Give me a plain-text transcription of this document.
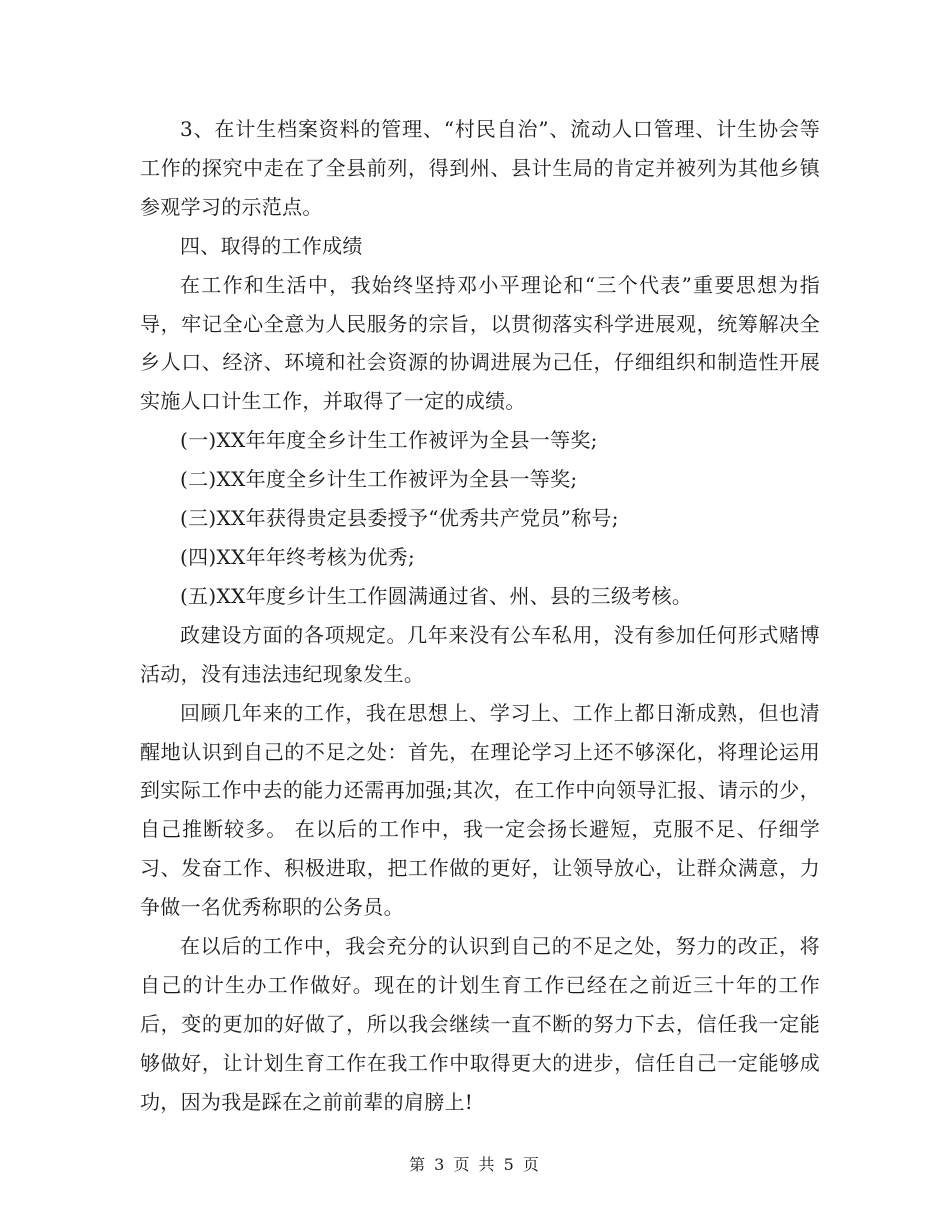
3、在计生档案资料的管理、“村民自治”、流动人口管理、计生协会等工作的探究中走在了全县前列，得到州、县计生局的肯定并被列为其他乡镇参观学习的示范点。

四、取得的工作成绩

在工作和生活中，我始终坚持邓小平理论和“三个代表”重要思想为指导，牢记全心全意为人民服务的宗旨，以贯彻落实科学进展观，统筹解决全乡人口、经济、环境和社会资源的协调进展为己任，仔细组织和制造性开展实施人口计生工作，并取得了一定的成绩。

(一)XX年年度全乡计生工作被评为全县一等奖;

(二)XX年度全乡计生工作被评为全县一等奖;

(三)XX年获得贵定县委授予“优秀共产党员”称号;

(四)XX年年终考核为优秀;

(五)XX年度乡计生工作圆满通过省、州、县的三级考核。

政建设方面的各项规定。几年来没有公车私用，没有参加任何形式赌博活动，没有违法违纪现象发生。

回顾几年来的工作，我在思想上、学习上、工作上都日渐成熟，但也清醒地认识到自己的不足之处：首先，在理论学习上还不够深化，将理论运用到实际工作中去的能力还需再加强;其次，在工作中向领导汇报、请示的少，自己推断较多。 在以后的工作中，我一定会扬长避短，克服不足、仔细学习、发奋工作、积极进取，把工作做的更好，让领导放心，让群众满意，力争做一名优秀称职的公务员。

在以后的工作中，我会充分的认识到自己的不足之处，努力的改正，将自己的计生办工作做好。现在的计划生育工作已经在之前近三十年的工作后，变的更加的好做了，所以我会继续一直不断的努力下去，信任我一定能够做好，让计划生育工作在我工作中取得更大的进步，信任自己一定能够成功，因为我是踩在之前前辈的肩膀上!

第 3 页 共 5 页
